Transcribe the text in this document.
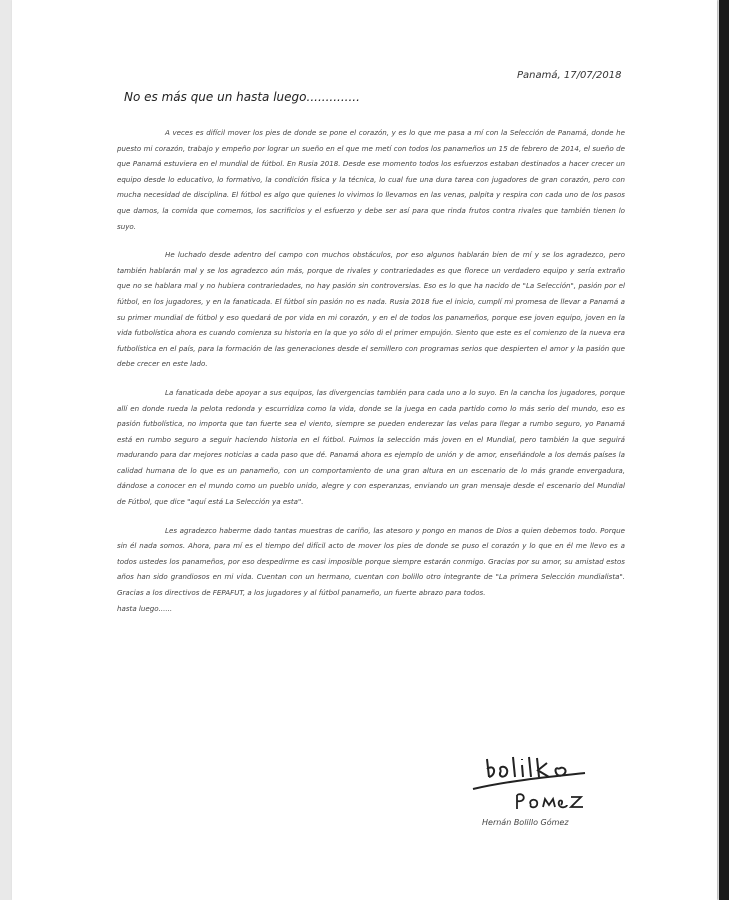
Panamá, 17/07/2018
No es más que un hasta luego..............

A veces es difícil mover los pies de donde se pone el corazón, y es lo que me pasa a mí con la Selección de Panamá, donde he puesto mi corazón, trabajo y empeño por lograr un sueño en el que me metí con todos los panameños un 15 de febrero de 2014, el sueño de que Panamá estuviera en el mundial de fútbol. En Rusia 2018. Desde ese momento todos los esfuerzos estaban destinados a hacer crecer un equipo desde lo educativo, lo formativo, la condición física y la técnica, lo cual fue una dura tarea con jugadores de gran corazón, pero con mucha necesidad de disciplina. El fútbol es algo que quienes lo vivimos lo llevamos en las venas, palpita y respira con cada uno de los pasos que damos, la comida que comemos, los sacrificios y el esfuerzo y debe ser así para que rinda frutos contra rivales que también tienen lo suyo.

He luchado desde adentro del campo con muchos obstáculos, por eso algunos hablarán bien de mí y se los agradezco, pero también hablarán mal y se los agradezco aún más, porque de rivales y contrariedades es que florece un verdadero equipo y sería extraño que no se hablara mal y no hubiera contrariedades, no hay pasión sin controversias. Eso es lo que ha nacido de "La Selección", pasión por el fútbol, en los jugadores, y en la fanaticada. El fútbol sin pasión no es nada. Rusia 2018 fue el inicio, cumplí mi promesa de llevar a Panamá a su primer mundial de fútbol y eso quedará de por vida en mi corazón, y en el de todos los panameños, porque ese joven equipo, joven en la vida futbolística ahora es cuando comienza su historia en la que yo sólo di el primer empujón. Siento que este es el comienzo de la nueva era futbolística en el país, para la formación de las generaciones desde el semillero con programas serios que despierten el amor y la pasión que debe crecer en este lado.

La fanaticada debe apoyar a sus equipos, las divergencias también para cada uno a lo suyo. En la cancha los jugadores, porque allí en donde rueda la pelota redonda y escurridiza como la vida, donde se la juega en cada partido como lo más serio del mundo, eso es pasión futbolística, no importa que tan fuerte sea el viento, siempre se pueden enderezar las velas para llegar a rumbo seguro, yo Panamá está en rumbo seguro a seguir haciendo historia en el fútbol. Fuimos la selección más joven en el Mundial, pero también la que seguirá madurando para dar mejores noticias a cada paso que dé. Panamá ahora es ejemplo de unión y de amor, enseñándole a los demás países la calidad humana de lo que es un panameño, con un comportamiento de una gran altura en un escenario de lo más grande envergadura, dándose a conocer en el mundo como un pueblo unido, alegre y con esperanzas, enviando un gran mensaje desde el escenario del Mundial de Fútbol, que dice "aquí está La Selección ya esta".

Les agradezco haberme dado tantas muestras de cariño, las atesoro y pongo en manos de Dios a quien debemos todo. Porque sin él nada somos. Ahora, para mí es el tiempo del difícil acto de mover los pies de donde se puso el corazón y lo que en él me llevo es a todos ustedes los panameños, por eso despedirme es casi imposible porque siempre estarán conmigo. Gracias por su amor, su amistad estos años han sido grandiosos en mi vida. Cuentan con un hermano, cuentan con bolillo otro integrante de "La primera Selección mundialista". Gracias a los directivos de FEPAFUT, a los jugadores y al fútbol panameño, un fuerte abrazo para todos.

hasta luego......

Hernán Bolillo Gómez
